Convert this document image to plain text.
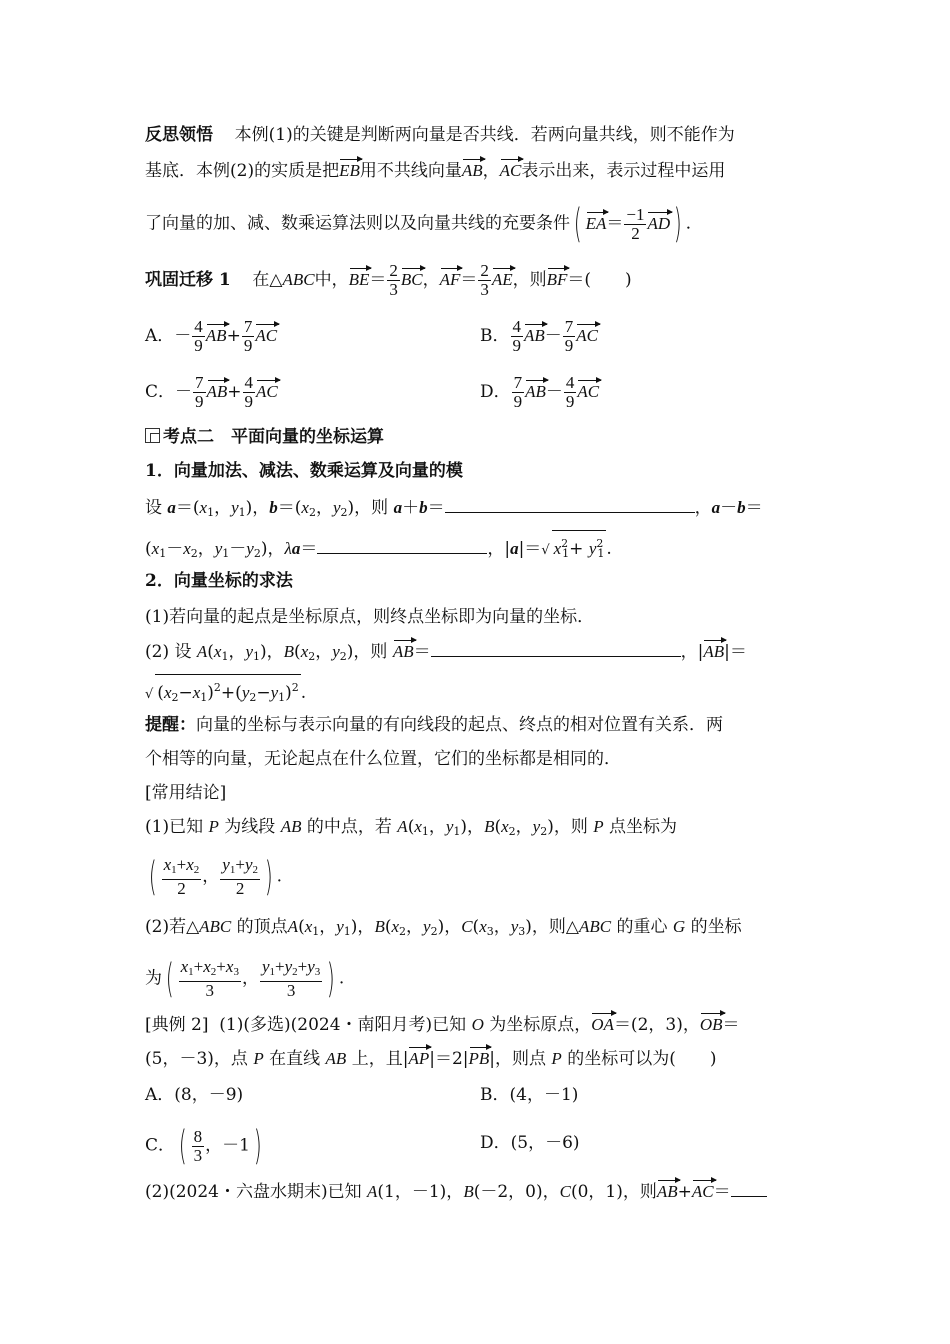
反思领悟 本例(1)的关键是判断两向量是否共线．若两向量共线，则不能作为
基底．本例(2)的实质是把EB用不共线向量AB，AC表示出来，表示过程中运用
了向量的加、减、数乘运算法则以及向量共线的充要条件( $EA= \frac{-1}{2} AD$) ．
巩固迁移 1 在△ABC中，$BE= \frac{2}{3}$ BC，$AF= \frac{2}{3}$ AE，则BF＝(　　)
A．－ $\frac{4}{9} AB+ \frac{7}{9}$ AC	B． $\frac{4}{9} AB- \frac{7}{9}$ AC
C．－ $\frac{7}{9} AB+ \frac{4}{9}$ AC	D． $\frac{7}{9} AB- \frac{4}{9}$ AC
考点二　平面向量的坐标运算
1．向量加法、减法、数乘运算及向量的模
设 $a=(x_1$，$y_1$)，$b=(x_2$，$y_2$)，则 a＋b＝	，a－b＝
($x_1-x_2$，$y_1-y_2$)，λa＝	，|a|＝√ $x^2_1+ y^2_1$ .
2．向量坐标的求法
(1)若向量的起点是坐标原点，则终点坐标即为向量的坐标．
(2) 设 $A(x_1$，$y_1$)，$B(x_2$，$y_2$)，则 AB＝	，|AB|＝
√ $(x_2-x_1)^2+(y_2-y_1)^2$ .
提醒：向量的坐标与表示向量的有向线段的起点、终点的相对位置有关系．两
个相等的向量，无论起点在什么位置，它们的坐标都是相同的．
[常用结论]
(1)已知 P 为线段 AB 的中点，若 $A(x_1$，$y_1$)，$B(x_2$，$y_2$)，则 P 点坐标为
( $\frac{x_1+x_2}{2}$ ， $\frac{y_1+y_2}{2}$ ) .
(2)若△ABC 的顶点$A(x_1$，$y_1$)，$B(x_2$，$y_2$)，$C(x_3$，$y_3$)，则△ABC 的重心 G 的坐标
为( $\frac{x_1+x_2+x_3}{3}$ ， $\frac{y_1+y_2+y_3}{3}$ ) .
[典例 2] (1)(多选)(2024・南阳月考)已知 O 为坐标原点，OA＝(2，3)，OB＝
(5，－3)，点 P 在直线 AB 上，且|AP|＝2|PB|，则点 P 的坐标可以为(　　)
A．(8，－9)	B．(4，－1)
C．( $\frac{8}{3}$ ，－1)	D．(5，－6)
(2)(2024・六盘水期末)已知 A(1，－1)，B(－2，0)，C(0，1)，则AB+AC＝
